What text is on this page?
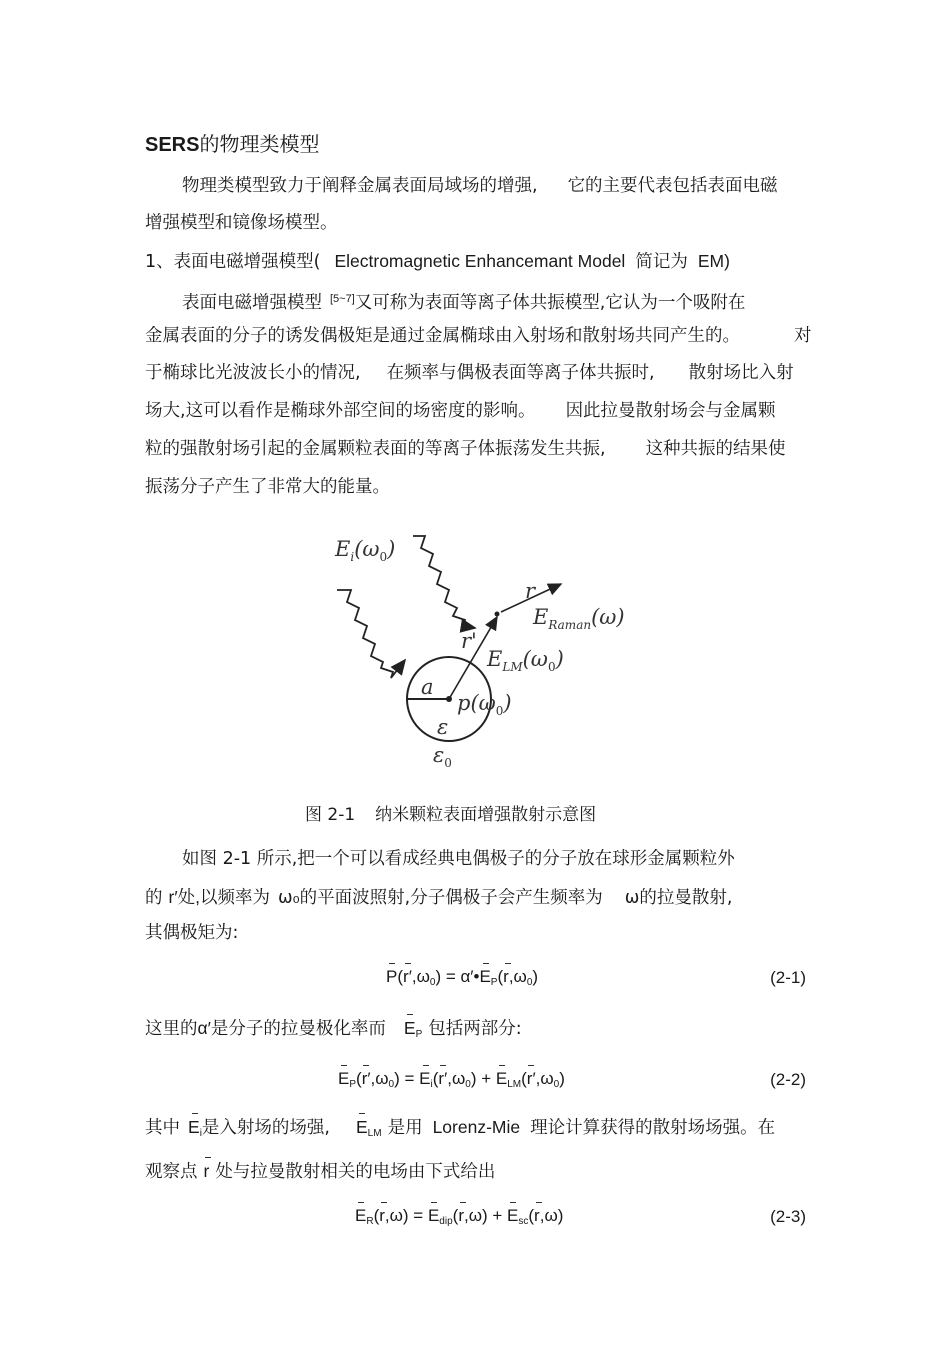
SERS的物理类模型
物理类模型致力于阐释金属表面局域场的增强, 它的主要代表包括表面电磁
增强模型和镜像场模型。
1、表面电磁增强模型( Electromagnetic Enhancemant Model 简记为 EM)
表面电磁增强模型 [5~7]又可称为表面等离子体共振模型,它认为一个吸附在
金属表面的分子的诱发偶极矩是通过金属椭球由入射场和散射场共同产生的。	对
于椭球比光波波长小的情况, 在频率与偶极表面等离子体共振时, 散射场比入射
场大,这可以看作是椭球外部空间的场密度的影响。 因此拉曼散射场会与金属颗
粒的强散射场引起的金属颗粒表面的等离子体振荡发生共振, 这种共振的结果使
振荡分子产生了非常大的能量。
$E_i(\omega_0)$
r
$E_{Raman}(\omega)$
r'
$E_{LM}(\omega_0)$
a
$p(\omega_0)$
ε
$\varepsilon_0$
图 2-1 纳米颗粒表面增强散射示意图
如图 2-1 所示,把一个可以看成经典电偶极子的分子放在球形金属颗粒外
的 r′处,以频率为 ω₀的平面波照射,分子偶极子会产生频率为 ω的拉曼散射,
其偶极矩为:
$P(r',\omega_0)$ = $\alpha'•E_P(r,\omega_0)$	(2-1)
这里的α′是分子的拉曼极化率而 $E_P$ 包括两部分:
$E_P(r',\omega_0) = E_i(r',\omega_0) + E_{LM}(r',\omega_0)$	(2-2)
其中 $E_i$是入射场的场强, $E_{LM}$ 是用 Lorenz-Mie 理论计算获得的散射场场强。在
观察点 r 处与拉曼散射相关的电场由下式给出
$E_R(r,\omega) = E_{dip}(r,\omega) + E_{sc}(r,\omega)$	(2-3)
